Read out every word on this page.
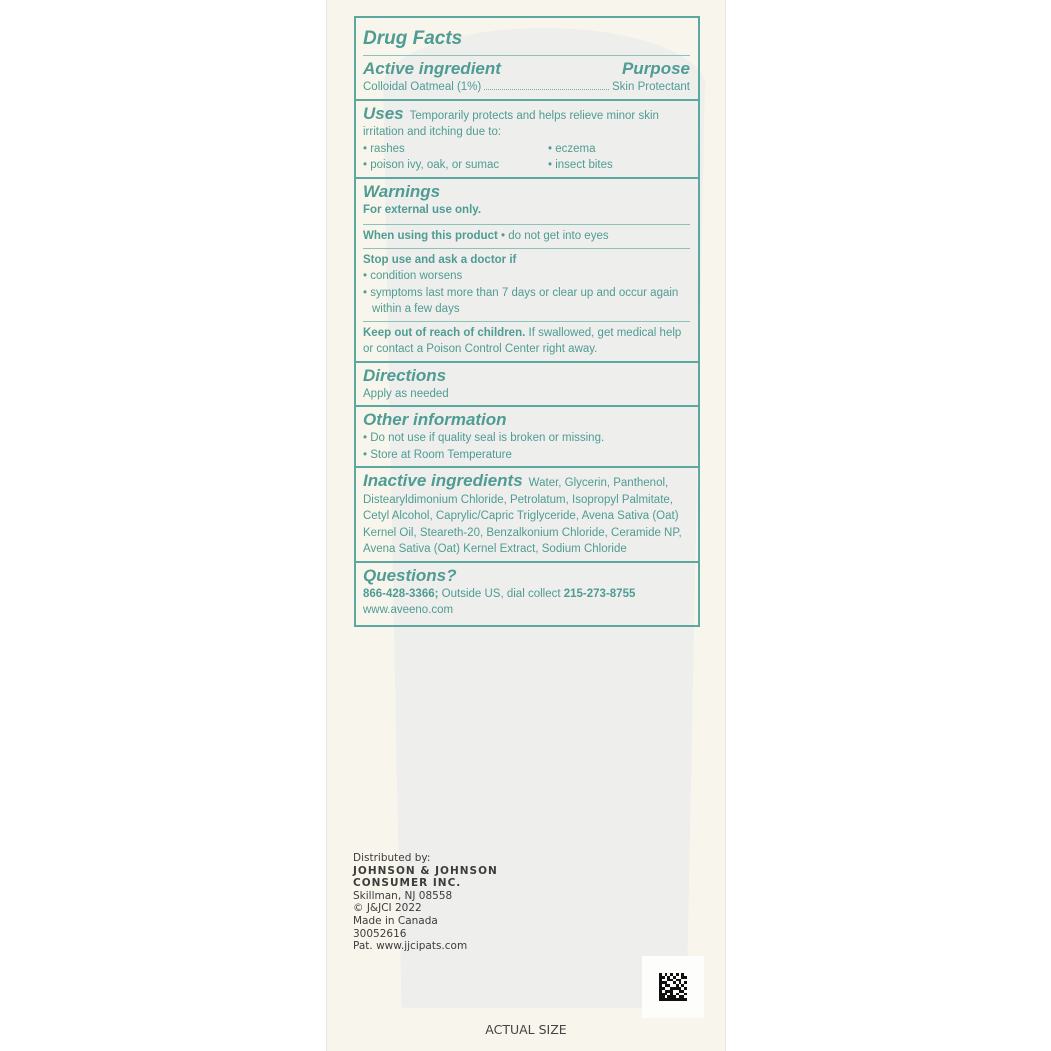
Drug Facts
Active ingredient	Purpose
Colloidal Oatmeal (1%)	Skin Protectant
Uses Temporarily protects and helps relieve minor skin irritation and itching due to:
• rashes	• eczema
• poison ivy, oak, or sumac	• insect bites
Warnings
For external use only.
When using this product • do not get into eyes
Stop use and ask a doctor if
• condition worsens
• symptoms last more than 7 days or clear up and occur again
within a few days
Keep out of reach of children. If swallowed, get medical help or contact a Poison Control Center right away.
Directions
Apply as needed
Other information
• Do not use if quality seal is broken or missing.
• Store at Room Temperature
Inactive ingredients Water, Glycerin, Panthenol, Distearyldimonium Chloride, Petrolatum, Isopropyl Palmitate, Cetyl Alcohol, Caprylic/Capric Triglyceride, Avena Sativa (Oat) Kernel Oil, Steareth-20, Benzalkonium Chloride, Ceramide NP, Avena Sativa (Oat) Kernel Extract, Sodium Chloride
Questions?
866-428-3366; Outside US, dial collect 215-273-8755
www.aveeno.com
Distributed by:
JOHNSON & JOHNSON
CONSUMER INC.
Skillman, NJ 08558
© J&JCI 2022
Made in Canada
30052616
Pat. www.jjcipats.com
ACTUAL SIZE
